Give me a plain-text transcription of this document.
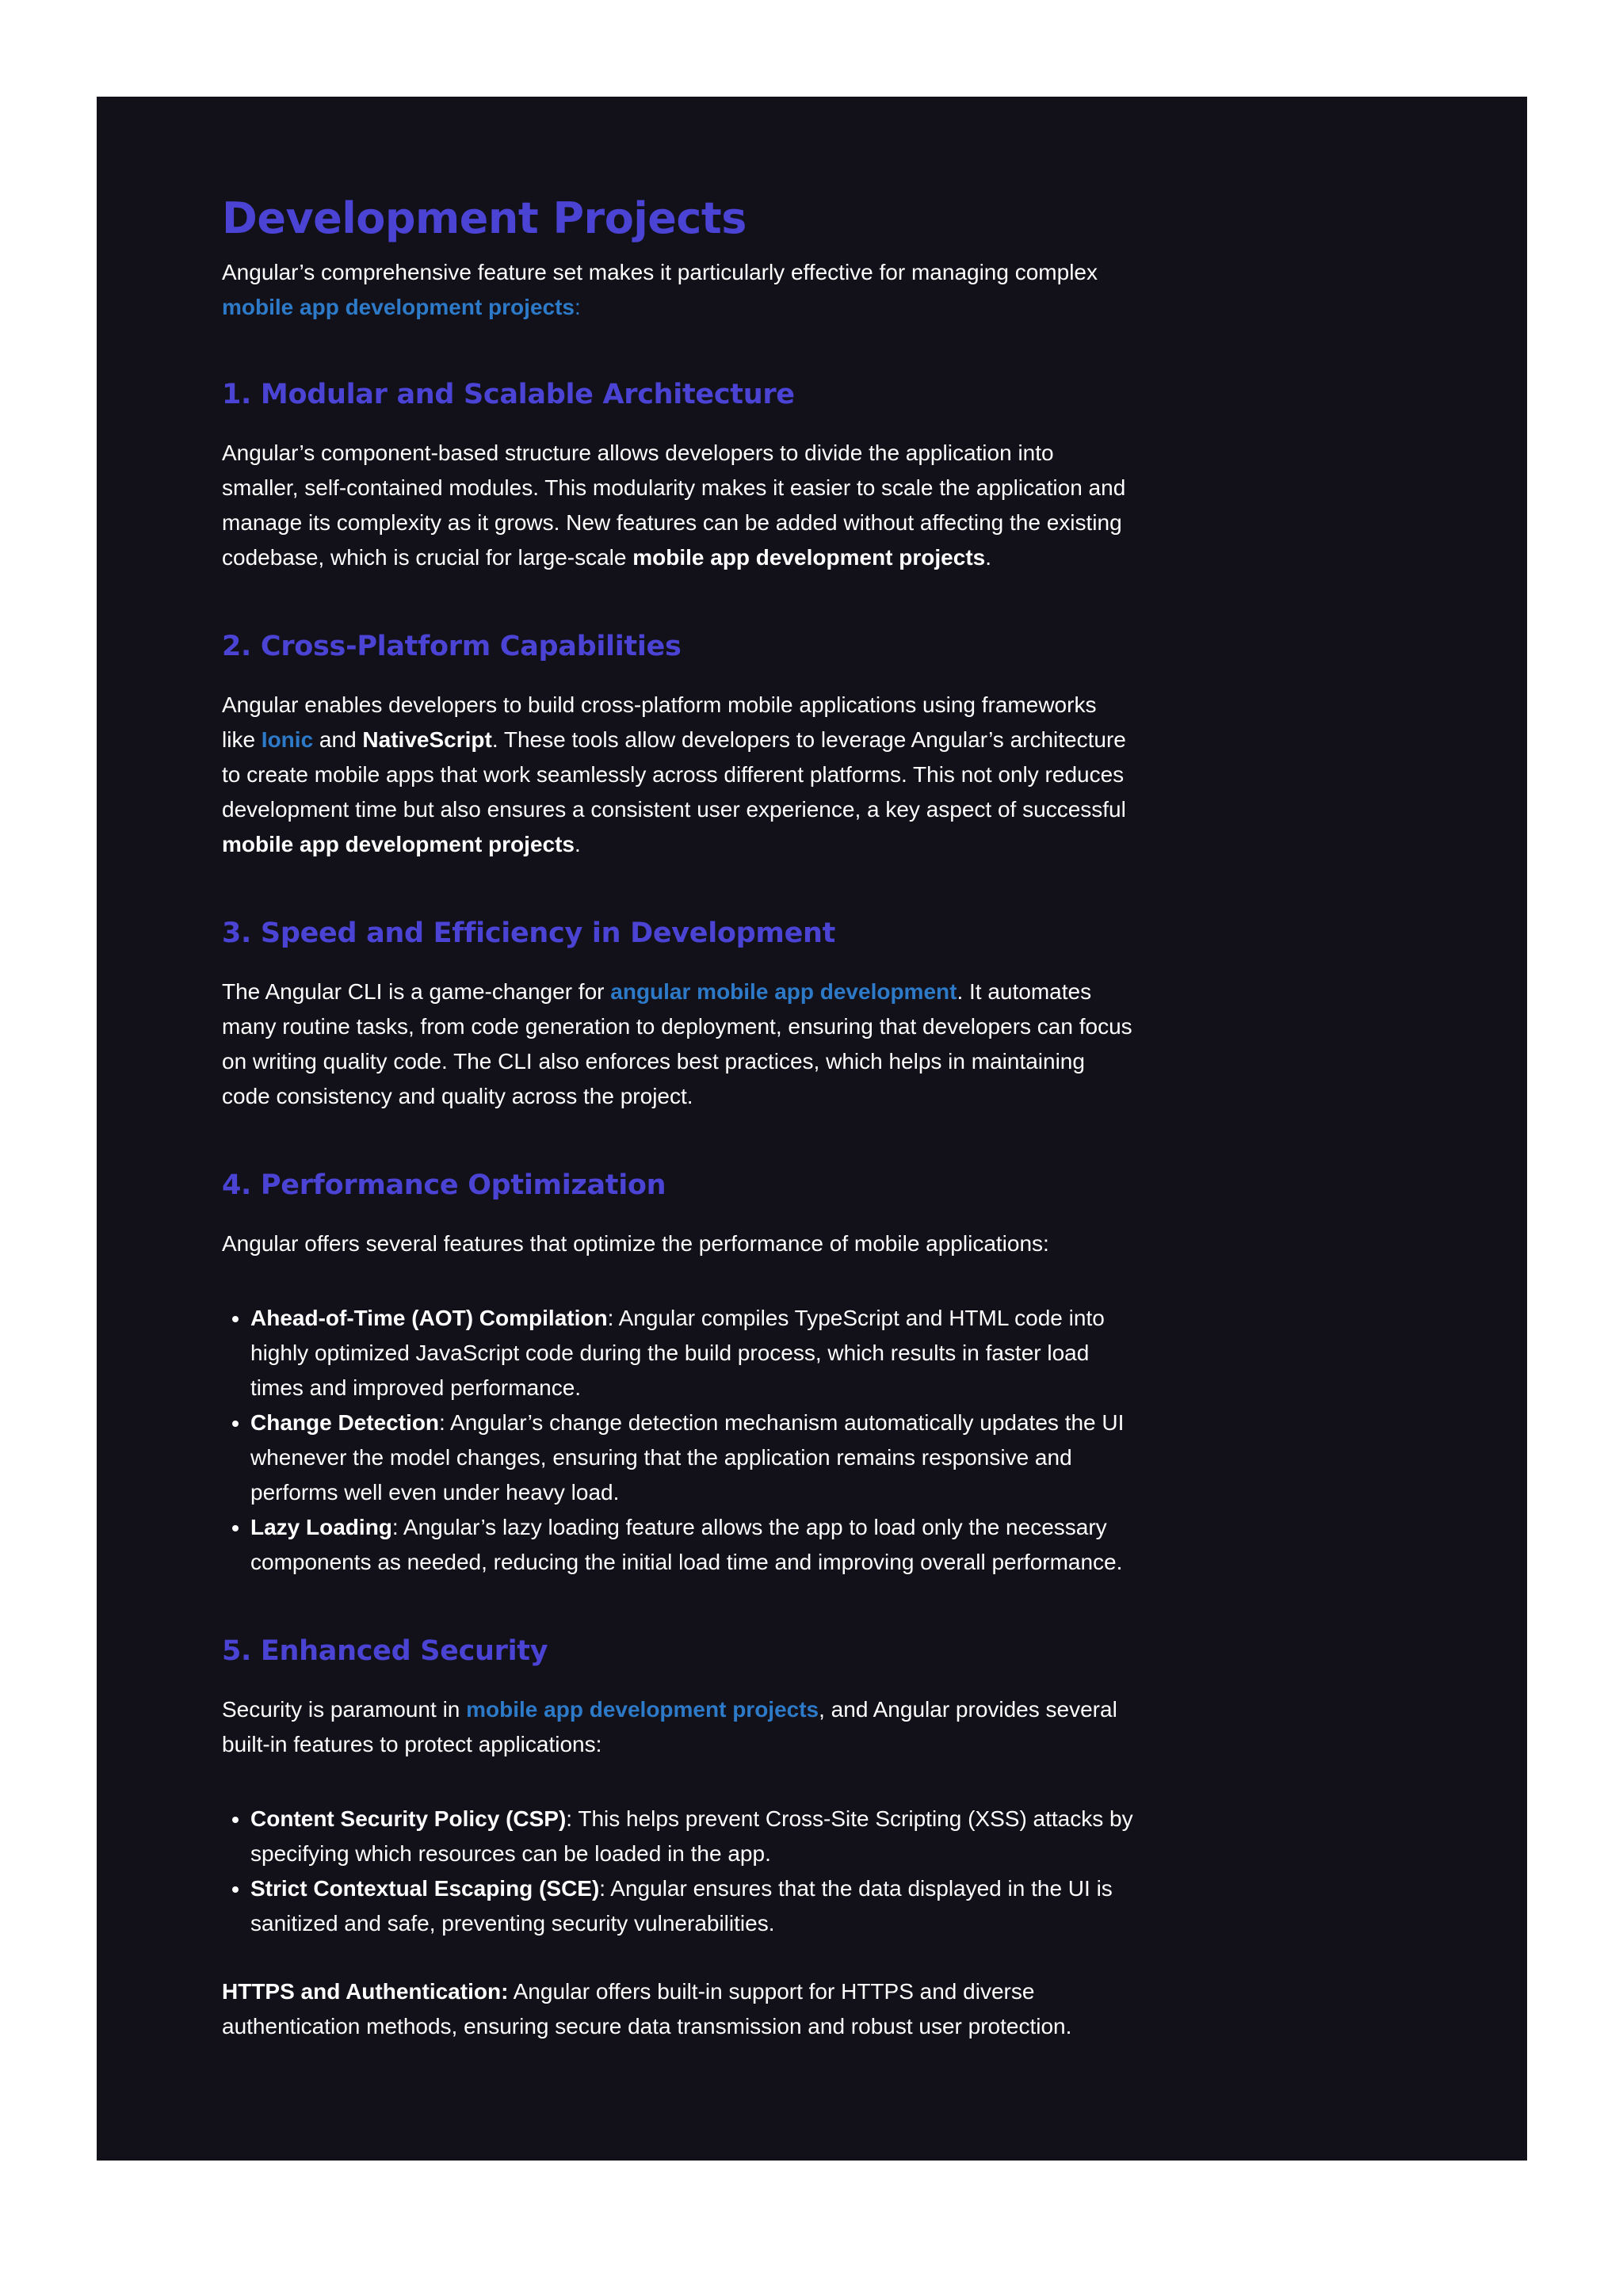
Development Projects

Angular’s comprehensive feature set makes it particularly effective for managing complex mobile app development projects:

1. Modular and Scalable Architecture

Angular’s component-based structure allows developers to divide the application into smaller, self-contained modules. This modularity makes it easier to scale the application and manage its complexity as it grows. New features can be added without affecting the existing codebase, which is crucial for large-scale mobile app development projects.

2. Cross-Platform Capabilities

Angular enables developers to build cross-platform mobile applications using frameworks like Ionic and NativeScript. These tools allow developers to leverage Angular’s architecture to create mobile apps that work seamlessly across different platforms. This not only reduces development time but also ensures a consistent user experience, a key aspect of successful mobile app development projects.

3. Speed and Efficiency in Development

The Angular CLI is a game-changer for angular mobile app development. It automates many routine tasks, from code generation to deployment, ensuring that developers can focus on writing quality code. The CLI also enforces best practices, which helps in maintaining code consistency and quality across the project.

4. Performance Optimization

Angular offers several features that optimize the performance of mobile applications:

• Ahead-of-Time (AOT) Compilation: Angular compiles TypeScript and HTML code into highly optimized JavaScript code during the build process, which results in faster load times and improved performance.
• Change Detection: Angular’s change detection mechanism automatically updates the UI whenever the model changes, ensuring that the application remains responsive and performs well even under heavy load.
• Lazy Loading: Angular’s lazy loading feature allows the app to load only the necessary components as needed, reducing the initial load time and improving overall performance.
5. Enhanced Security

Security is paramount in mobile app development projects, and Angular provides several built-in features to protect applications:

• Content Security Policy (CSP): This helps prevent Cross-Site Scripting (XSS) attacks by specifying which resources can be loaded in the app.
• Strict Contextual Escaping (SCE): Angular ensures that the data displayed in the UI is sanitized and safe, preventing security vulnerabilities.

HTTPS and Authentication: Angular offers built-in support for HTTPS and diverse authentication methods, ensuring secure data transmission and robust user protection.
